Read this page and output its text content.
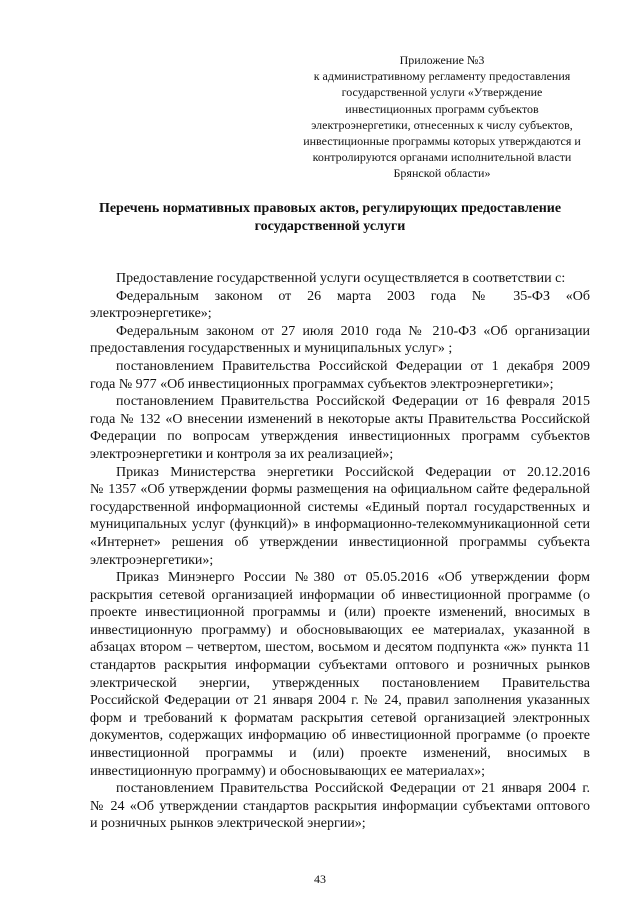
Приложение №3
к административному регламенту предоставления
государственной услуги «Утверждение
инвестиционных программ субъектов
электроэнергетики, отнесенных к числу субъектов,
инвестиционные программы которых утверждаются и
контролируются органами исполнительной власти
Брянской области»
Перечень нормативных правовых актов, регулирующих предоставление
государственной услуги

Предоставление государственной услуги осуществляется в соответствии с:

Федеральным законом от 26 марта 2003 года № 35-ФЗ «Об
электроэнергетике»;

Федеральным законом от 27 июля 2010 года № 210-ФЗ «Об организации
предоставления государственных и муниципальных услуг» ;

постановлением Правительства Российской Федерации от 1 декабря 2009
года № 977 «Об инвестиционных программах субъектов электроэнергетики»;

постановлением Правительства Российской Федерации от 16 февраля 2015
года № 132 «О внесении изменений в некоторые акты Правительства Российской
Федерации по вопросам утверждения инвестиционных программ субъектов
электроэнергетики и контроля за их реализацией»;

Приказ Министерства энергетики Российской Федерации от 20.12.2016
№ 1357 «Об утверждении формы размещения на официальном сайте федеральной
государственной информационной системы «Единый портал государственных и
муниципальных услуг (функций)» в информационно-телекоммуникационной сети
«Интернет» решения об утверждении инвестиционной программы субъекта
электроэнергетики»;

Приказ Минэнерго России №380 от 05.05.2016 «Об утверждении форм
раскрытия сетевой организацией информации об инвестиционной программе (о
проекте инвестиционной программы и (или) проекте изменений, вносимых в
инвестиционную программу) и обосновывающих ее материалах, указанной в
абзацах втором – четвертом, шестом, восьмом и десятом подпункта «ж» пункта 11
стандартов раскрытия информации субъектами оптового и розничных рынков
электрической энергии, утвержденных постановлением Правительства
Российской Федерации от 21 января 2004 г. № 24, правил заполнения указанных
форм и требований к форматам раскрытия сетевой организацией электронных
документов, содержащих информацию об инвестиционной программе (о проекте
инвестиционной программы и (или) проекте изменений, вносимых в
инвестиционную программу) и обосновывающих ее материалах»;

постановлением Правительства Российской Федерации от 21 января 2004 г.
№ 24 «Об утверждении стандартов раскрытия информации субъектами оптового
и розничных рынков электрической энергии»;

43
